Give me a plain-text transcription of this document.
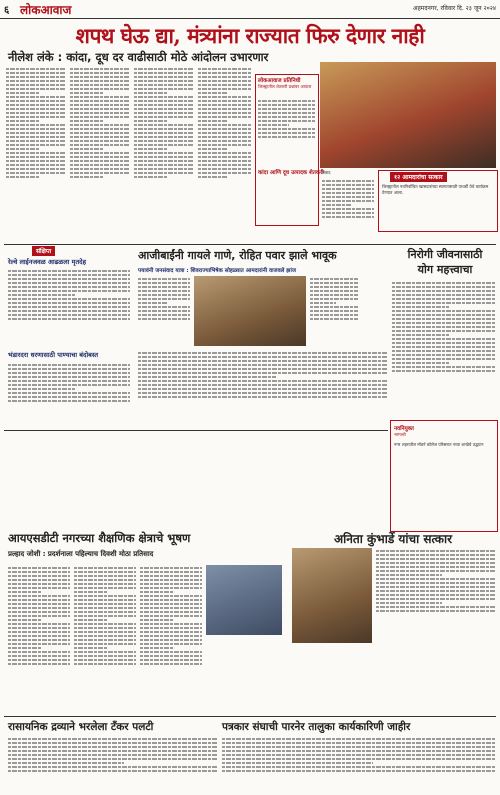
६ लोकआवाज	अहमदनगर, रविवार दि. २३ जून २०२४
शपथ घेऊ द्या, मंत्र्यांना राज्यात फिरु देणार नाही
नीलेश लंके : कांदा, दूध दर वाढीसाठी मोठे आंदोलन उभारणार
लोकआवाज प्रतिनिधी
जिल्ह्यातील शेतकरी प्रश्नांवर आवाज
कांदा आणि दूध उत्पादक शेतकरी
संवाद
१२ आमदारांचा सत्कार
जिल्ह्यातील नवनिर्वाचित खासदारांच्या स्वागतासाठी पाथर्डी येथे कार्यक्रम घेण्यात आला.
संक्षिप्त
रेल्वे लाईनजवळ आढळला मृतदेह
भंडारदरा धरणासाठी पाण्याचा बंदोबस्त
आजीबाईंनी गायले गाणे, रोहित पवार झाले भावूक
पयावंनी जनसंवाद यात्रा : शिवराज्याभिषेक सोहळ्यात आमदारांनी वाजवले झांज
निरोगी जीवनासाठी
योग महत्त्वाचा
नवनियुक्त
भाग्यश्री
नगर शहरातील मॉडर्न कॉलेज परिसरात नव्या शाखेचे उद्घाटन
आयएसडीटी नगरच्या शैक्षणिक क्षेत्राचे भूषण
प्रल्हाद जोशी : प्रदर्शनाला पहिल्याच दिवशी मोठा प्रतिसाद
अनिता कुंभार्डे यांचा सत्कार
रासायनिक द्रव्याने भरलेला टँकर पलटी	पत्रकार संघाची पारनेर तालुका कार्यकारिणी जाहीर
